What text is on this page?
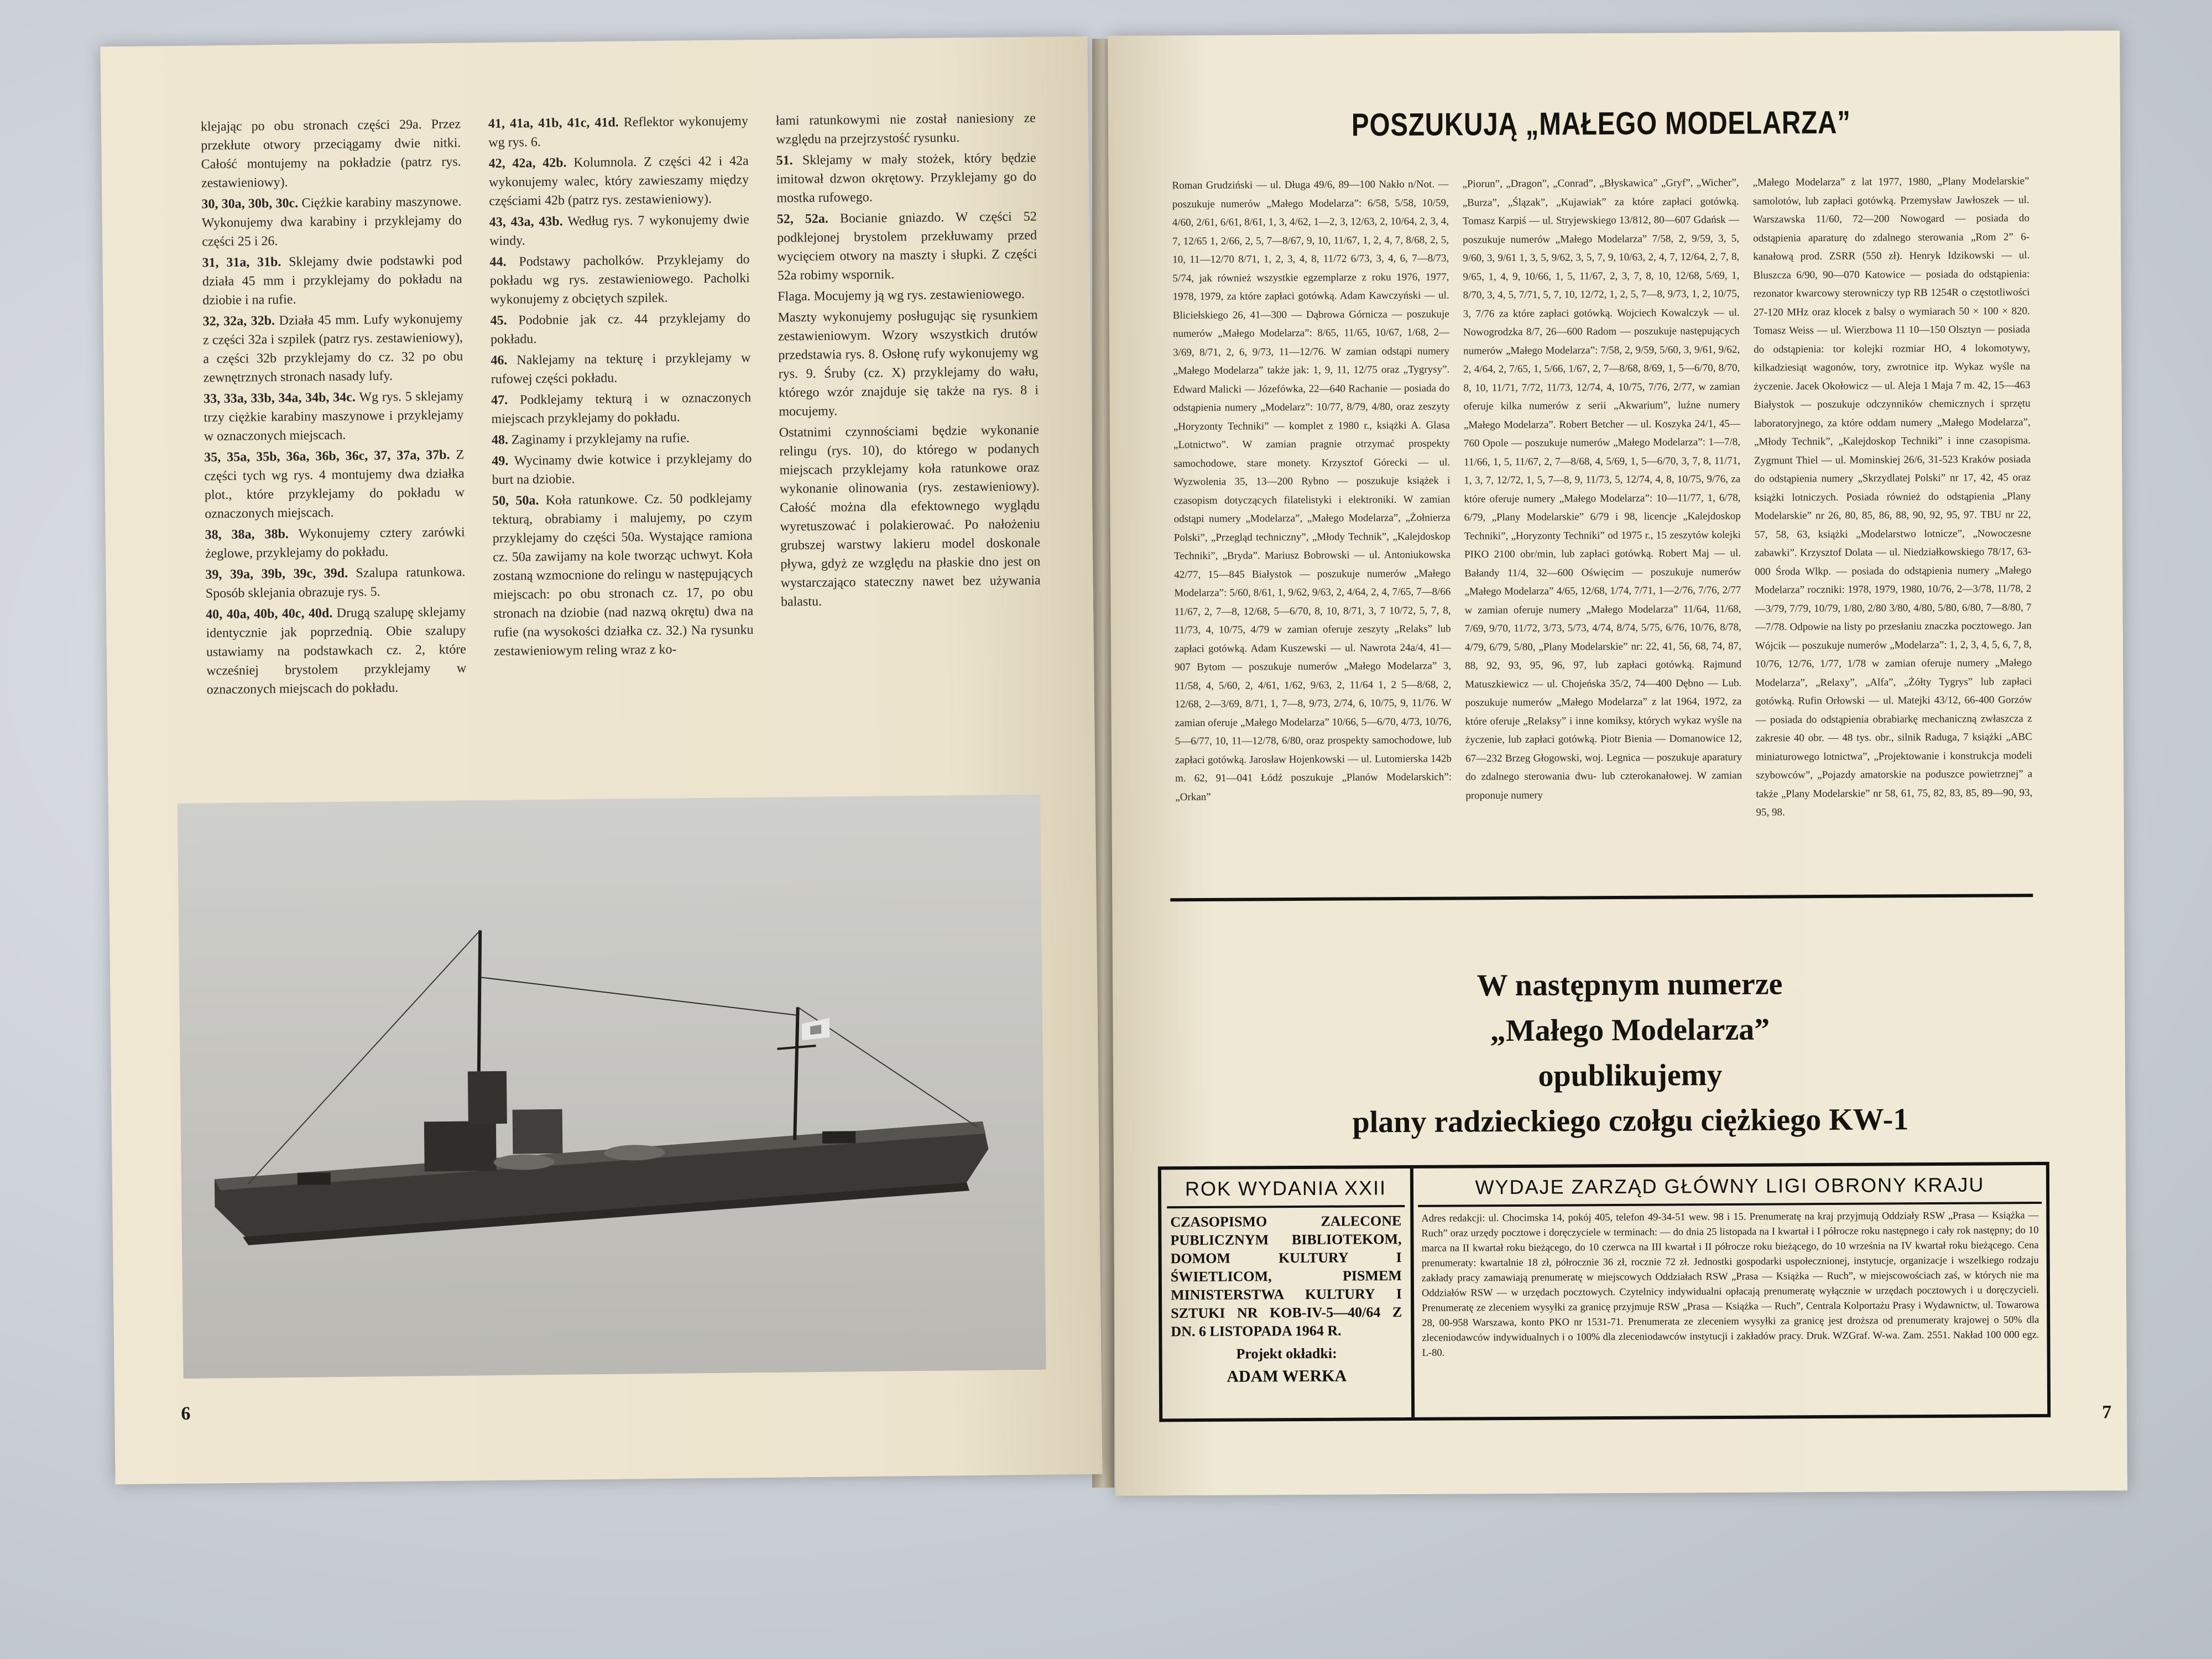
klejając po obu stronach części 29a. Przez przekłute otwory przeciągamy dwie nitki. Całość montujemy na pokładzie (patrz rys. zestawieniowy).

30, 30a, 30b, 30c. Ciężkie karabiny maszynowe. Wykonujemy dwa karabiny i przyklejamy do części 25 i 26.

31, 31a, 31b. Sklejamy dwie podstawki pod działa 45 mm i przyklejamy do pokładu na dziobie i na rufie.

32, 32a, 32b. Działa 45 mm. Lufy wykonujemy z części 32a i szpilek (patrz rys. zestawieniowy), a części 32b przyklejamy do cz. 32 po obu zewnętrznych stronach nasady lufy.

33, 33a, 33b, 34a, 34b, 34c. Wg rys. 5 sklejamy trzy ciężkie karabiny maszynowe i przyklejamy w oznaczonych miejscach.

35, 35a, 35b, 36a, 36b, 36c, 37, 37a, 37b. Z części tych wg rys. 4 montujemy dwa działka plot., które przyklejamy do pokładu w oznaczonych miejscach.

38, 38a, 38b. Wykonujemy cztery zarówki żeglowe, przyklejamy do pokładu.

39, 39a, 39b, 39c, 39d. Szalupa ratunkowa. Sposób sklejania obrazuje rys. 5.

40, 40a, 40b, 40c, 40d. Drugą szalupę sklejamy identycznie jak poprzednią. Obie szalupy ustawiamy na podstawkach cz. 2, które wcześniej brystolem przyklejamy w oznaczonych miejscach do pokładu.

41, 41a, 41b, 41c, 41d. Reflektor wykonujemy wg rys. 6.

42, 42a, 42b. Kolumnola. Z części 42 i 42a wykonujemy walec, który zawieszamy między częściami 42b (patrz rys. zestawieniowy).

43, 43a, 43b. Według rys. 7 wykonujemy dwie windy.

44. Podstawy pacholków. Przyklejamy do pokładu wg rys. zestawieniowego. Pacholki wykonujemy z obciętych szpilek.

45. Podobnie jak cz. 44 przyklejamy do pokładu.

46. Naklejamy na tekturę i przyklejamy w rufowej części pokładu.

47. Podklejamy tekturą i w oznaczonych miejscach przyklejamy do pokładu.

48. Zaginamy i przyklejamy na rufie.

49. Wycinamy dwie kotwice i przyklejamy do burt na dziobie.

50, 50a. Koła ratunkowe. Cz. 50 podklejamy tekturą, obrabiamy i malujemy, po czym przyklejamy do części 50a. Wystające ramiona cz. 50a zawijamy na kole tworząc uchwyt. Koła zostaną wzmocnione do relingu w następujących miejscach: po obu stronach cz. 17, po obu stronach na dziobie (nad nazwą okrętu) dwa na rufie (na wysokości działka cz. 32.) Na rysunku zestawieniowym reling wraz z ko-

łami ratunkowymi nie został naniesiony ze względu na przejrzystość rysunku.

51. Sklejamy w mały stożek, który będzie imitował dzwon okrętowy. Przyklejamy go do mostka rufowego.

52, 52a. Bocianie gniazdo. W części 52 podklejonej brystolem przekłuwamy przed wycięciem otwory na maszty i słupki. Z części 52a robimy wspornik.

Flaga. Mocujemy ją wg rys. zestawieniowego.

Maszty wykonujemy posługując się rysunkiem zestawieniowym. Wzory wszystkich drutów przedstawia rys. 8. Osłonę rufy wykonujemy wg rys. 9. Śruby (cz. X) przyklejamy do wału, którego wzór znajduje się także na rys. 8 i mocujemy.

Ostatnimi czynnościami będzie wykonanie relingu (rys. 10), do którego w podanych miejscach przyklejamy koła ratunkowe oraz wykonanie olinowania (rys. zestawieniowy). Całość można dla efektownego wyglądu wyretuszować i polakierować. Po nałożeniu grubszej warstwy lakieru model doskonale pływa, gdyż ze względu na płaskie dno jest on wystarczająco stateczny nawet bez używania balastu.

6
POSZUKUJĄ „MAŁEGO MODELARZA”
Roman Grudziński — ul. Długa 49/6, 89—100 Nakło n/Not. — poszukuje numerów „Małego Modelarza”: 6/58, 5/58, 10/59, 4/60, 2/61, 6/61, 8/61, 1, 3, 4/62, 1—2, 3, 12/63, 2, 10/64, 2, 3, 4, 7, 12/65 1, 2/66, 2, 5, 7—8/67, 9, 10, 11/67, 1, 2, 4, 7, 8/68, 2, 5, 10, 11—12/70 8/71, 1, 2, 3, 4, 8, 11/72 6/73, 3, 4, 6, 7—8/73, 5/74, jak również wszystkie egzemplarze z roku 1976, 1977, 1978, 1979, za które zapłaci gotówką. Adam Kawczyński — ul. Bliciełskiego 26, 41—300 — Dąbrowa Górnicza — poszukuje numerów „Małego Modelarza”: 8/65, 11/65, 10/67, 1/68, 2—3/69, 8/71, 2, 6, 9/73, 11—12/76. W zamian odstąpi numery „Małego Modelarza” także jak: 1, 9, 11, 12/75 oraz „Tygrysy”. Edward Malicki — Józefówka, 22—640 Rachanie — posiada do odstąpienia numery „Modelarz”: 10/77, 8/79, 4/80, oraz zeszyty „Horyzonty Techniki” — komplet z 1980 r., książki A. Glasa „Lotnictwo”. W zamian pragnie otrzymać prospekty samochodowe, stare monety. Krzysztof Górecki — ul. Wyzwolenia 35, 13—200 Rybno — poszukuje książek i czasopism dotyczących filatelistyki i elektroniki. W zamian odstąpi numery „Modelarza”, „Małego Modelarza”, „Żołnierza Polski”, „Przegląd techniczny”, „Młody Technik”, „Kalejdoskop Techniki”, „Bryda”. Mariusz Bobrowski — ul. Antoniukowska 42/77, 15—845 Białystok — poszukuje numerów „Małego Modelarza”: 5/60, 8/61, 1, 9/62, 9/63, 2, 4/64, 2, 4, 7/65, 7—8/66 11/67, 2, 7—8, 12/68, 5—6/70, 8, 10, 8/71, 3, 7 10/72, 5, 7, 8, 11/73, 4, 10/75, 4/79 w zamian oferuje zeszyty „Relaks” lub zapłaci gotówką. Adam Kuszewski — ul. Nawrota 24a/4, 41—907 Bytom — poszukuje numerów „Małego Modelarza” 3, 11/58, 4, 5/60, 2, 4/61, 1/62, 9/63, 2, 11/64 1, 2 5—8/68, 2, 12/68, 2—3/69, 8/71, 1, 7—8, 9/73, 2/74, 6, 10/75, 9, 11/76. W zamian oferuje „Małego Modelarza” 10/66, 5—6/70, 4/73, 10/76, 5—6/77, 10, 11—12/78, 6/80, oraz prospekty samochodowe, lub zapłaci gotówką. Jarosław Hojenkowski — ul. Lutomierska 142b m. 62, 91—041 Łódź poszukuje „Planów Modelarskich”: „Orkan”
„Piorun”, „Dragon”, „Conrad”, „Błyskawica” „Gryf”, „Wicher”, „Burza”, „Ślązak”, „Kujawiak” za które zapłaci gotówką. Tomasz Karpiś — ul. Stryjewskiego 13/812, 80—607 Gdańsk — poszukuje numerów „Małego Modelarza” 7/58, 2, 9/59, 3, 5, 9/60, 3, 9/61 1, 3, 5, 9/62, 3, 5, 7, 9, 10/63, 2, 4, 7, 12/64, 2, 7, 8, 9/65, 1, 4, 9, 10/66, 1, 5, 11/67, 2, 3, 7, 8, 10, 12/68, 5/69, 1, 8/70, 3, 4, 5, 7/71, 5, 7, 10, 12/72, 1, 2, 5, 7—8, 9/73, 1, 2, 10/75, 3, 7/76 za które zapłaci gotówką. Wojciech Kowalczyk — ul. Nowogrodzka 8/7, 26—600 Radom — poszukuje następujących numerów „Małego Modelarza”: 7/58, 2, 9/59, 5/60, 3, 9/61, 9/62, 2, 4/64, 2, 7/65, 1, 5/66, 1/67, 2, 7—8/68, 8/69, 1, 5—6/70, 8/70, 8, 10, 11/71, 7/72, 11/73, 12/74, 4, 10/75, 7/76, 2/77, w zamian oferuje kilka numerów z serii „Akwarium”, luźne numery „Małego Modelarza”. Robert Betcher — ul. Koszyka 24/1, 45—760 Opole — poszukuje numerów „Małego Modelarza”: 1—7/8, 11/66, 1, 5, 11/67, 2, 7—8/68, 4, 5/69, 1, 5—6/70, 3, 7, 8, 11/71, 1, 3, 7, 12/72, 1, 5, 7—8, 9, 11/73, 5, 12/74, 4, 8, 10/75, 9/76, za które oferuje numery „Małego Modelarza”: 10—11/77, 1, 6/78, 6/79, „Plany Modelarskie” 6/79 i 98, licencje „Kalejdoskop Techniki”, „Horyzonty Techniki” od 1975 r., 15 zeszytów kolejki PIKO 2100 obr/min, lub zapłaci gotówką. Robert Maj — ul. Bałandy 11/4, 32—600 Oświęcim — poszukuje numerów „Małego Modelarza” 4/65, 12/68, 1/74, 7/71, 1—2/76, 7/76, 2/77 w zamian oferuje numery „Małego Modelarza” 11/64, 11/68, 7/69, 9/70, 11/72, 3/73, 5/73, 4/74, 8/74, 5/75, 6/76, 10/76, 8/78, 4/79, 6/79, 5/80, „Plany Modelarskie” nr: 22, 41, 56, 68, 74, 87, 88, 92, 93, 95, 96, 97, lub zapłaci gotówką. Rajmund Matuszkiewicz — ul. Chojeńska 35/2, 74—400 Dębno — Lub. poszukuje numerów „Małego Modelarza” z lat 1964, 1972, za które oferuje „Relaksy” i inne komiksy, których wykaz wyśle na życzenie, lub zapłaci gotówką. Piotr Bienia — Domanowice 12, 67—232 Brzeg Głogowski, woj. Legnica — poszukuje aparatury do zdalnego sterowania dwu- lub czterokanałowej. W zamian proponuje numery
„Małego Modelarza” z lat 1977, 1980, „Plany Modelarskie” samolotów, lub zapłaci gotówką. Przemysław Jawłoszek — ul. Warszawska 11/60, 72—200 Nowogard — posiada do odstąpienia aparaturę do zdalnego sterowania „Rom 2” 6-kanałową prod. ZSRR (550 zł). Henryk Idzikowski — ul. Bluszcza 6/90, 90—070 Katowice — posiada do odstąpienia: rezonator kwarcowy sterowniczy typ RB 1254R o częstotliwości 27-120 MHz oraz klocek z balsy o wymiarach 50 × 100 × 820. Tomasz Weiss — ul. Wierzbowa 11 10—150 Olsztyn — posiada do odstąpienia: tor kolejki rozmiar HO, 4 lokomotywy, kilkadziesiąt wagonów, tory, zwrotnice itp. Wykaz wyśle na życzenie. Jacek Okołowicz — ul. Aleja 1 Maja 7 m. 42, 15—463 Białystok — poszukuje odczynników chemicznych i sprzętu laboratoryjnego, za które oddam numery „Małego Modelarza”, „Młody Technik”, „Kalejdoskop Techniki” i inne czasopisma. Zygmunt Thiel — ul. Mominskiej 26/6, 31-523 Kraków posiada do odstąpienia numery „Skrzydlatej Polski” nr 17, 42, 45 oraz książki lotniczych. Posiada również do odstąpienia „Plany Modelarskie” nr 26, 80, 85, 86, 88, 90, 92, 95, 97. TBU nr 22, 57, 58, 63, książki „Modelarstwo lotnicze”, „Nowoczesne zabawki”. Krzysztof Dolata — ul. Niedziałkowskiego 78/17, 63-000 Środa Wlkp. — posiada do odstąpienia numery „Małego Modelarza” roczniki: 1978, 1979, 1980, 10/76, 2—3/78, 11/78, 2—3/79, 7/79, 10/79, 1/80, 2/80 3/80, 4/80, 5/80, 6/80, 7—8/80, 7—7/78. Odpowie na listy po przesłaniu znaczka pocztowego. Jan Wójcik — poszukuje numerów „Modelarza”: 1, 2, 3, 4, 5, 6, 7, 8, 10/76, 12/76, 1/77, 1/78 w zamian oferuje numery „Małego Modelarza”, „Relaxy”, „Alfa”, „Żółty Tygrys” lub zapłaci gotówką. Rufin Orłowski — ul. Matejki 43/12, 66-400 Gorzów — posiada do odstąpienia obrabiarkę mechaniczną zwłaszcza z zakresie 40 obr. — 48 tys. obr., silnik Radugа, 7 książki „ABC miniaturowego lotnictwa”, „Projektowanie i konstrukcja modeli szybowców”, „Pojazdy amatorskie na poduszce powietrznej” a także „Plany Modelarskie” nr 58, 61, 75, 82, 83, 85, 89—90, 93, 95, 98.
W następnym numerze
„Małego Modelarza”
opublikujemy
plany radzieckiego czołgu ciężkiego KW-1
ROK WYDANIA XXII
CZASOPISMO ZALECONE PUBLICZNYM BIBLIOTEKOM, DOMOM KULTURY I ŚWIETLICOM, PISMEM MINISTERSTWA KULTURY I SZTUKI NR KOB-IV-5—40/64 Z DN. 6 LISTOPADA 1964 R.
Projekt okładki:
ADAM WERKA
WYDAJE ZARZĄD GŁÓWNY LIGI OBRONY KRAJU
Adres redakcji: ul. Chocimska 14, pokój 405, telefon 49-34-51 wew. 98 i 15. Prenumeratę na kraj przyjmują Oddziały RSW „Prasa — Książka — Ruch” oraz urzędy pocztowe i doręczyciele w terminach: — do dnia 25 listopada na I kwartał i I półrocze roku następnego i cały rok następny; do 10 marca na II kwartał roku bieżącego, do 10 czerwca na III kwartał i II półrocze roku bieżącego, do 10 września na IV kwartał roku bieżącego. Cena prenumeraty: kwartalnie 18 zł, półrocznie 36 zł, rocznie 72 zł. Jednostki gospodarki uspołecznionej, instytucje, organizacje i wszelkiego rodzaju zakłady pracy zamawiają prenumeratę w miejscowych Oddziałach RSW „Prasa — Książka — Ruch”, w miejscowościach zaś, w których nie ma Oddziałów RSW — w urzędach pocztowych. Czytelnicy indywidualni opłacają prenumeratę wyłącznie w urzędach pocztowych i u doręczycieli. Prenumeratę ze zleceniem wysyłki za granicę przyjmuje RSW „Prasa — Książka — Ruch”, Centrala Kolportażu Prasy i Wydawnictw, ul. Towarowa 28, 00-958 Warszawa, konto PKO nr 1531-71. Prenumerata ze zleceniem wysyłki za granicę jest droższa od prenumeraty krajowej o 50% dla zleceniodawców indywidualnych i o 100% dla zleceniodawców instytucji i zakładów pracy. Druk. WZGraf. W-wa. Zam. 2551. Nakład 100 000 egz. L-80.
7
